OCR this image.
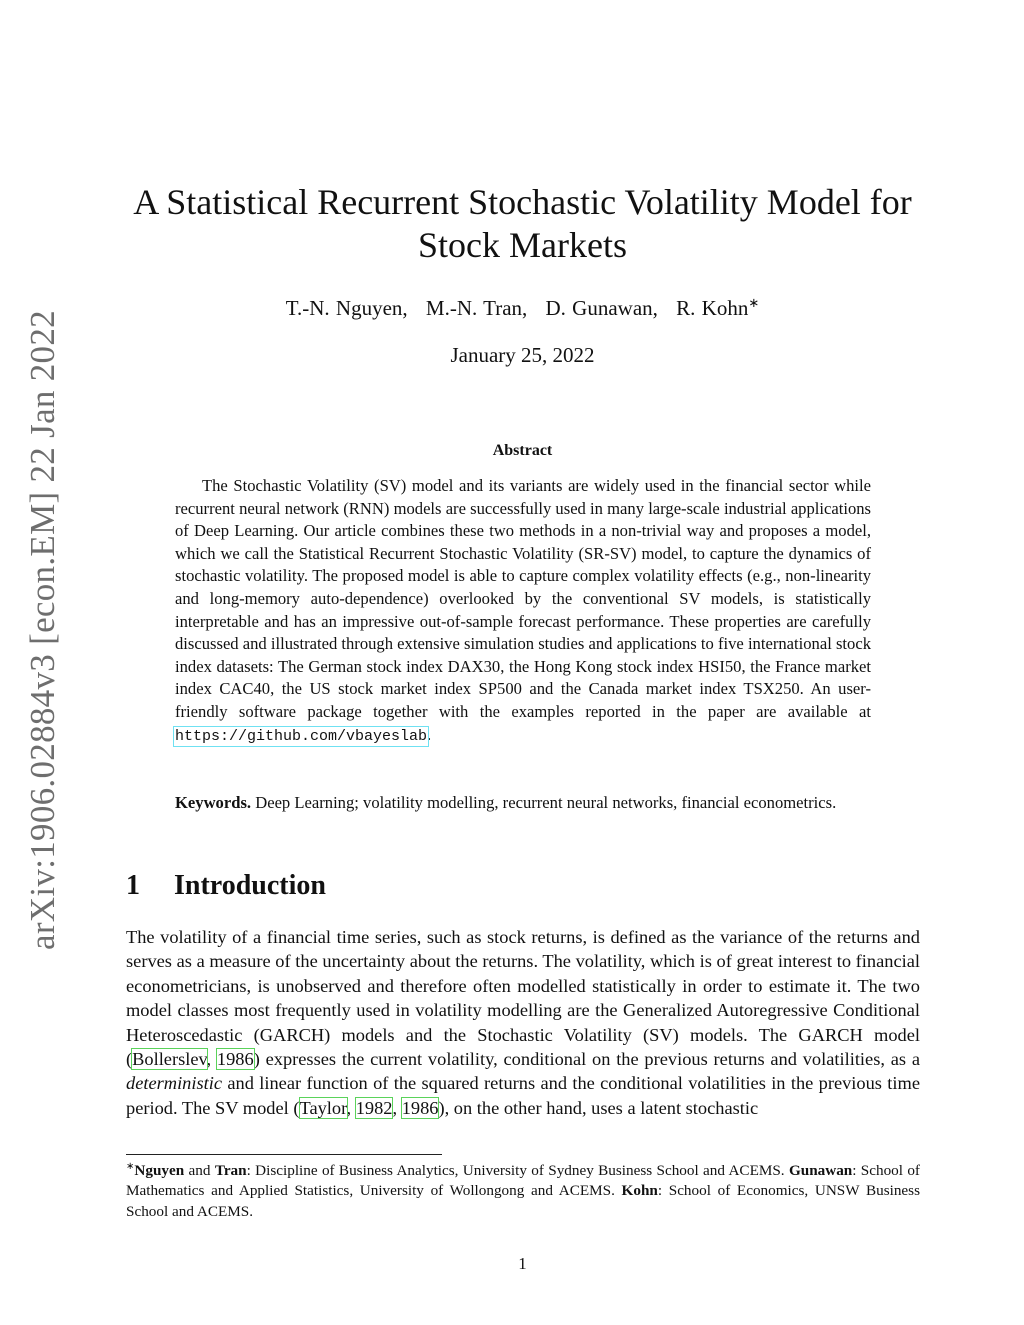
arXiv:1906.02884v3 [econ.EM] 22 Jan 2022
A Statistical Recurrent Stochastic Volatility Model for
Stock Markets
T.-N. Nguyen, M.-N. Tran, D. Gunawan, R. Kohn∗
January 25, 2022
Abstract

The Stochastic Volatility (SV) model and its variants are widely used in the financial sector while recurrent neural network (RNN) models are successfully used in many large-scale industrial applications of Deep Learning. Our article combines these two methods in a non-trivial way and proposes a model, which we call the Statistical Recurrent Stochastic Volatility (SR-SV) model, to capture the dynamics of stochastic volatility. The proposed model is able to capture complex volatility effects (e.g., non-linearity and long-memory auto-dependence) overlooked by the conventional SV models, is statistically interpretable and has an impressive out-of-sample forecast performance. These properties are carefully discussed and illustrated through extensive simulation studies and applications to five international stock index datasets: The German stock index DAX30, the Hong Kong stock index HSI50, the France market index CAC40, the US stock market index SP500 and the Canada market index TSX250. An user-friendly software package together with the examples reported in the paper are available at https://github.com/vbayeslab.

Keywords. Deep Learning; volatility modelling, recurrent neural networks, financial econometrics.

1 Introduction

The volatility of a financial time series, such as stock returns, is defined as the variance of the returns and serves as a measure of the uncertainty about the returns. The volatility, which is of great interest to financial econometricians, is unobserved and therefore often modelled statistically in order to estimate it. The two model classes most frequently used in volatility modelling are the Generalized Autoregressive Conditional Heteroscedastic (GARCH) models and the Stochastic Volatility (SV) models. The GARCH model (Bollerslev, 1986) expresses the current volatility, conditional on the previous returns and volatilities, as a deterministic and linear function of the squared returns and the conditional volatilities in the previous time period. The SV model (Taylor, 1982, 1986), on the other hand, uses a latent stochastic

∗Nguyen and Tran: Discipline of Business Analytics, University of Sydney Business School and ACEMS. Gunawan: School of Mathematics and Applied Statistics, University of Wollongong and ACEMS. Kohn: School of Economics, UNSW Business School and ACEMS.

1
